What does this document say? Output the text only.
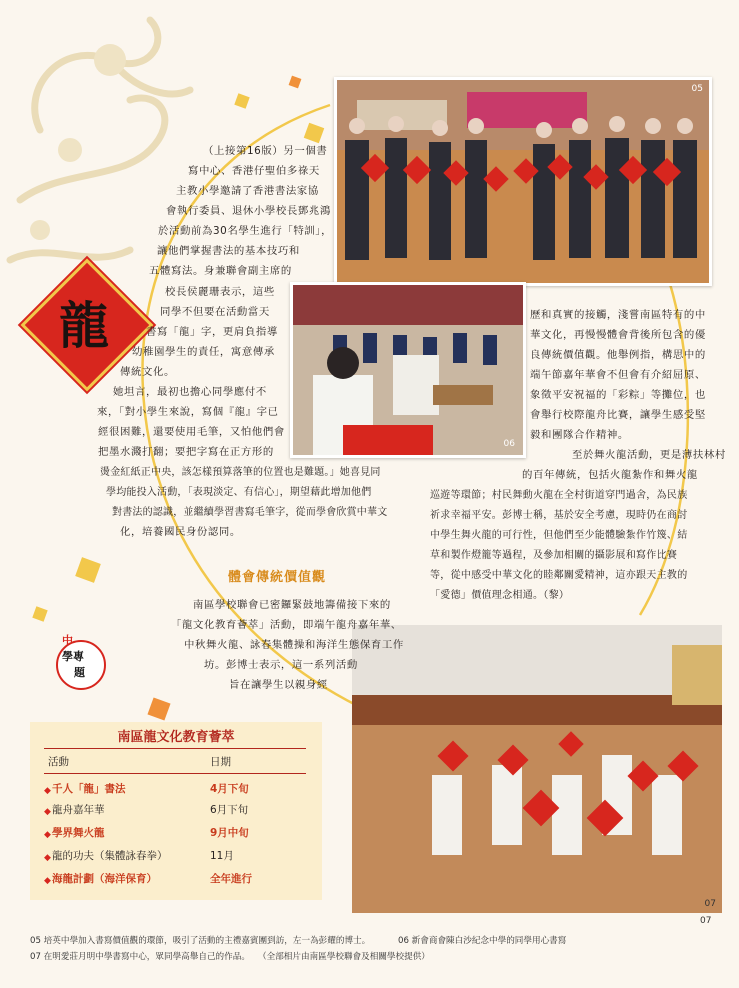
05
06
07
龍
（上接第16版）另一個書
寫中心、香港仔聖伯多祿天
主教小學邀請了香港書法家協
會執行委員、退休小學校長鄧兆鴻
於活動前為30名學生進行「特訓」，
讓他們掌握書法的基本技巧和
五體寫法。身兼聯會副主席的
校長侯麗珊表示，這些
同學不但要在活動當天
書寫「龍」字，更肩負指導
幼稚園學生的責任，寓意傳承
傳統文化。
她坦言，最初也擔心同學應付不
來，「對小學生來說，寫個『龍』字已
經很困難，還要使用毛筆，又怕他們會
把墨水濺打翻；要把字寫在正方形的
燙金紅紙正中央，該怎樣預算落筆的位置也是難題。」她喜見同
學均能投入活動，「表現淡定、有信心」，期望藉此增加他們
對書法的認識，並繼續學習書寫毛筆字，從而學會欣賞中華文
化，培養國民身份認同。
體會傳統價值觀
南區學校聯會已密鑼緊鼓地籌備接下來的
「龍文化教育薈萃」活動，即端午龍舟嘉年華、
中秋舞火龍、詠春集體操和海洋生態保育工作
坊。彭博士表示，這一系列活動
旨在讓學生以親身經
歷和真實的接觸，淺嘗南區特有的中
華文化，再慢慢體會背後所包含的優
良傳統價值觀。他舉例指，構思中的
端午節嘉年華會不但會有介紹屈原、
象徵平安祝福的「彩粽」等攤位，也
會舉行校際龍舟比賽，讓學生感受堅
毅和團隊合作精神。
至於舞火龍活動，更是薄扶林村
的百年傳統，包括火龍紮作和舞火龍
巡遊等環節；村民舞動火龍在全村街道穿門過舍，為民族
祈求幸福平安。彭博士稱，基於安全考慮，現時仍在商討
中學生舞火龍的可行性，但他們至少能體驗紮作竹篾、結
草和製作燈籠等過程，及參加相關的攝影展和寫作比賽
等，從中感受中華文化的睦鄰關愛精神，這亦跟天主教的
「愛德」價值理念相通。（黎）
中
學專
題
南區龍文化教育薈萃
活動	日期
◆ 千人「龍」書法	4月下旬
◆ 龍舟嘉年華	6月下旬
◆ 學界舞火龍	9月中旬
◆ 龍的功夫（集體詠春拳）	11月
◆ 海龍計劃（海洋保育）	全年進行
05 培英中學加入書寫價值觀的環節，吸引了活動的主禮嘉賓團到訪，左一為彭耀的博士。	06 新會商會陳白沙紀念中學的同學用心書寫
07 在明愛莊月明中學書寫中心，眾同學高舉自己的作品。 （全部相片由南區學校聯會及相關學校提供）
07
